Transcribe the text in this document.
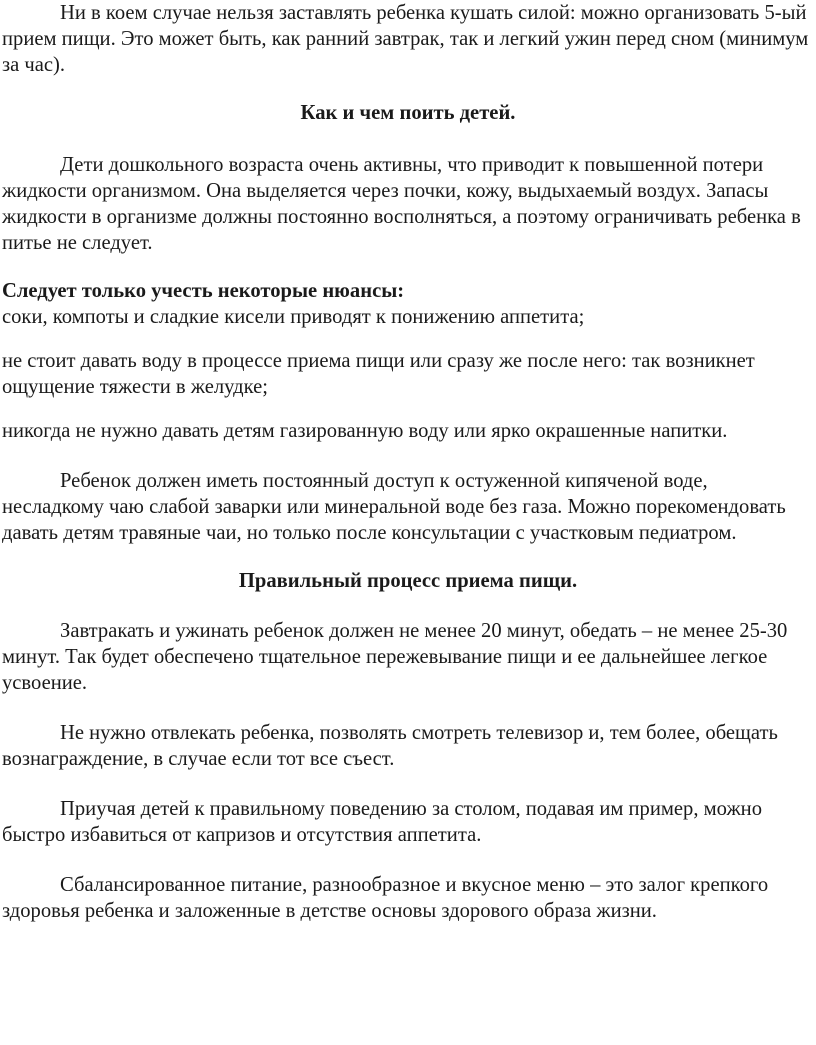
Ни в коем случае нельзя заставлять ребенка кушать силой: можно организовать 5-ый прием пищи. Это может быть, как ранний завтрак, так и легкий ужин перед сном (минимум за час).

Как и чем поить детей.

Дети дошкольного возраста очень активны, что приводит к повышенной потери жидкости организмом. Она выделяется через почки, кожу, выдыхаемый воздух. Запасы жидкости в организме должны постоянно восполняться, а поэтому ограничивать ребенка в питье не следует.

Следует только учесть некоторые нюансы:

соки, компоты и сладкие кисели приводят к понижению аппетита;

не стоит давать воду в процессе приема пищи или сразу же после него: так возникнет ощущение тяжести в желудке;

никогда не нужно давать детям газированную воду или ярко окрашенные напитки.

Ребенок должен иметь постоянный доступ к остуженной кипяченой воде, несладкому чаю слабой заварки или минеральной воде без газа. Можно порекомендовать давать детям травяные чаи, но только после консультации с участковым педиатром.

Правильный процесс приема пищи.

Завтракать и ужинать ребенок должен не менее 20 минут, обедать – не менее 25-30 минут. Так будет обеспечено тщательное пережевывание пищи и ее дальнейшее легкое усвоение.

Не нужно отвлекать ребенка, позволять смотреть телевизор и, тем более, обещать вознаграждение, в случае если тот все съест.

Приучая детей к правильному поведению за столом, подавая им пример, можно быстро избавиться от капризов и отсутствия аппетита.

Сбалансированное питание, разнообразное и вкусное меню – это залог крепкого здоровья ребенка и заложенные в детстве основы здорового образа жизни.
